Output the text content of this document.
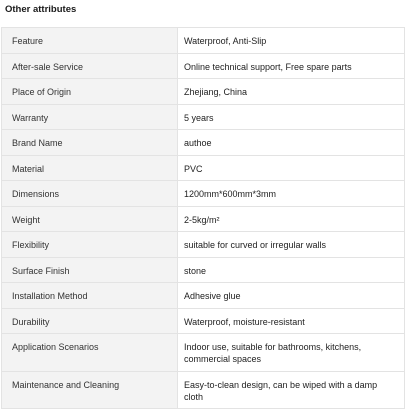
Other attributes
Feature	Waterproof, Anti-Slip

After-sale Service	Online technical support, Free spare parts

Place of Origin	Zhejiang, China

Warranty	5 years

Brand Name	authoe

Material	PVC

Dimensions	1200mm*600mm*3mm

Weight	2-5kg/m²

Flexibility	suitable for curved or irregular walls

Surface Finish	stone

Installation Method	Adhesive glue

Durability	Waterproof, moisture-resistant

Application Scenarios	Indoor use, suitable for bathrooms, kitchens, commercial spaces

Maintenance and Cleaning	Easy-to-clean design, can be wiped with a damp cloth
